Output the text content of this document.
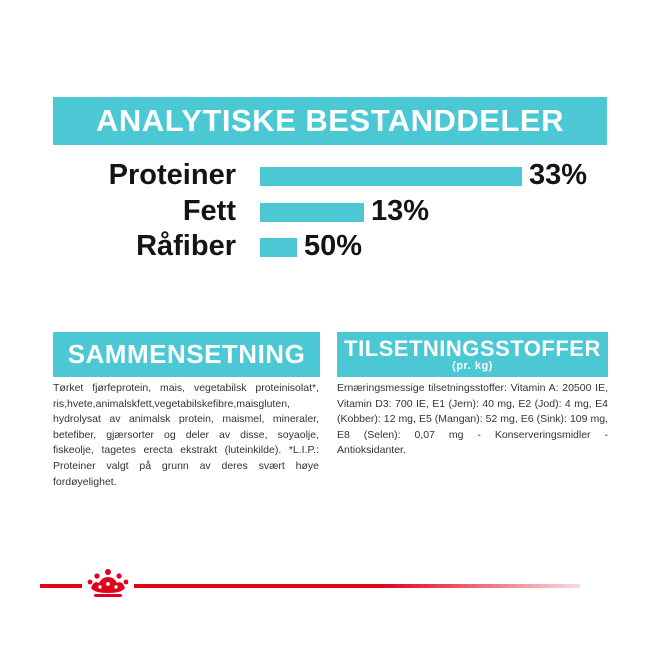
ANALYTISKE BESTANDDELER
Proteiner	33%
Fett	13%
Råfiber 50%
SAMMENSETNING TILSETNINGSSTOFFER
(pr. kg)
Tørket fjørfeprotein, mais, vegetabilsk proteinisolat*, ris,hvete,animalskfett,vegetabilskefibre,maisgluten, hydrolysat av animalsk protein, maismel, mineraler, betefiber, gjærsorter og deler av disse, soyaolje, fiskeolje, tagetes erecta ekstrakt (luteinkilde). *L.I.P.: Proteiner valgt på grunn av deres svært høye fordøyelighet.
Ernæringsmessige tilsetningsstoffer: Vitamin A: 20500 IE, Vitamin D3: 700 IE, E1 (Jern): 40 mg, E2 (Jod): 4 mg, E4 (Kobber): 12 mg, E5 (Mangan): 52 mg, E6 (Sink): 109 mg, E8 (Selen): 0,07 mg - Konserveringsmidler - Antioksidanter.
